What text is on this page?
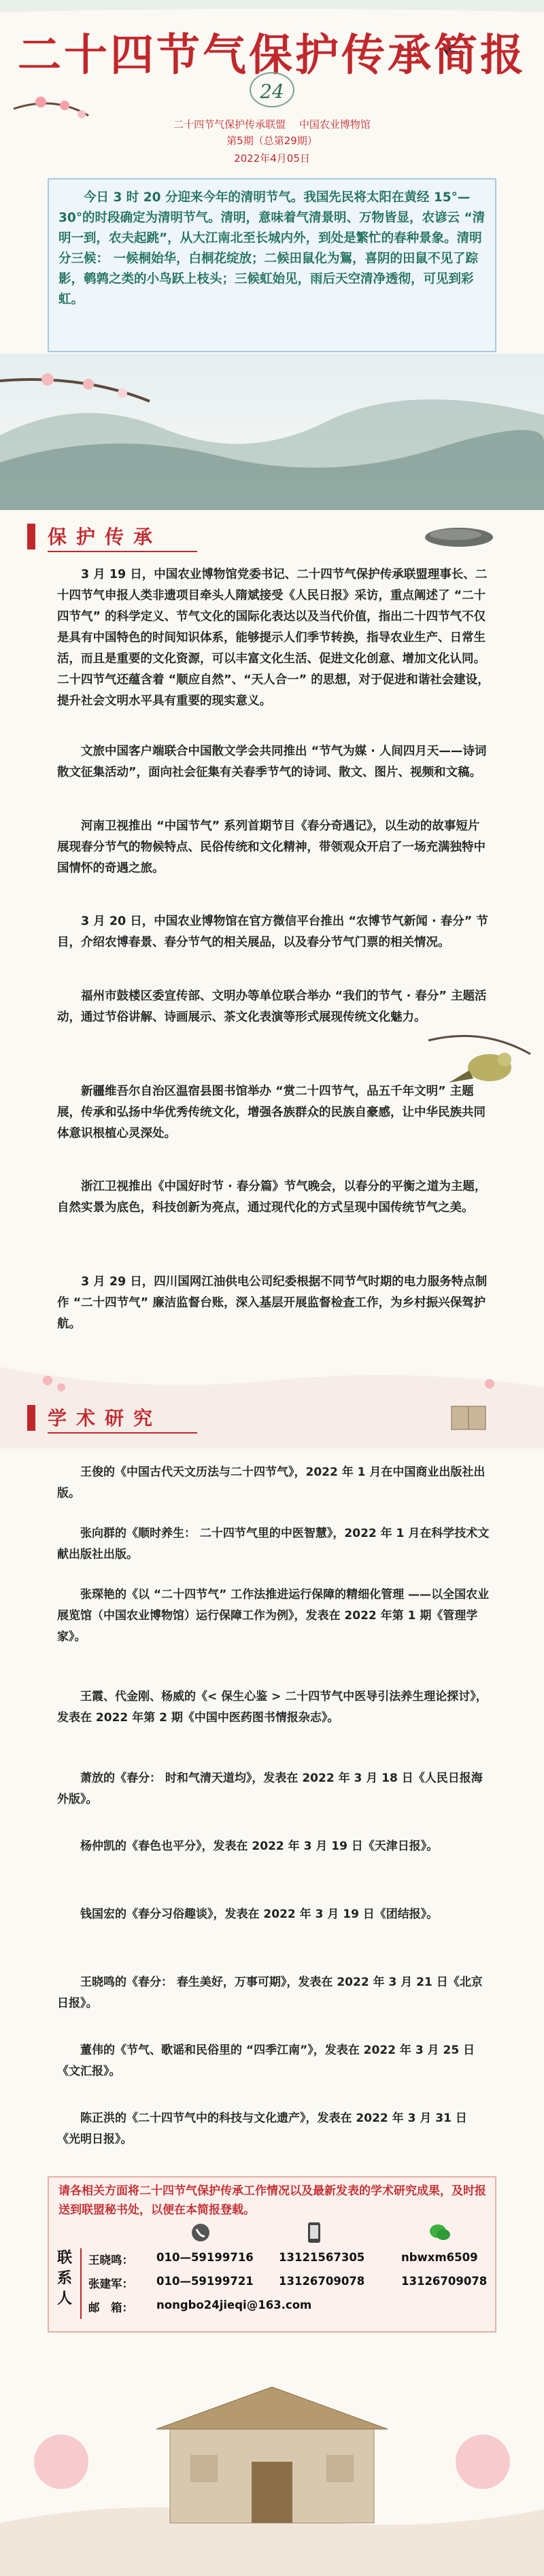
二十四节气保护传承简报
24
二十四节气保护传承联盟　 中国农业博物馆
第5期（总第29期）
2022年4月05日
今日 3 时 20 分迎来今年的清明节气。我国先民将太阳在黄经 15°—30°的时段确定为清明节气。清明，意味着气清景明、万物皆显，农谚云 “清明一到，农夫起跳”，从大江南北至长城内外，到处是繁忙的春种景象。清明分三候： 一候桐始华，白桐花绽放；二候田鼠化为鴽，喜阴的田鼠不见了踪影，鹌鹑之类的小鸟跃上枝头；三候虹始见，雨后天空清净透彻，可见到彩虹。
保护传承
3 月 19 日，中国农业博物馆党委书记、二十四节气保护传承联盟理事长、二十四节气申报人类非遗项目牵头人隋斌接受《人民日报》采访，重点阐述了 “二十四节气” 的科学定义、节气文化的国际化表达以及当代价值，指出二十四节气不仅是具有中国特色的时间知识体系，能够提示人们季节转换，指导农业生产、日常生活，而且是重要的文化资源，可以丰富文化生活、促进文化创意、增加文化认同。二十四节气还蕴含着 “顺应自然”、“天人合一” 的思想，对于促进和谐社会建设，提升社会文明水平具有重要的现实意义。
文旅中国客户端联合中国散文学会共同推出 “节气为媒 · 人间四月天——诗词散文征集活动”，面向社会征集有关春季节气的诗词、散文、图片、视频和文稿。
河南卫视推出 “中国节气” 系列首期节目《春分奇遇记》，以生动的故事短片展现春分节气的物候特点、民俗传统和文化精神，带领观众开启了一场充满独特中国情怀的奇遇之旅。
3 月 20 日，中国农业博物馆在官方微信平台推出 “农博节气新闻 · 春分” 节目，介绍农博春景、春分节气的相关展品，以及春分节气门票的相关情况。
福州市鼓楼区委宣传部、文明办等单位联合举办 “我们的节气 · 春分” 主题活动，通过节俗讲解、诗画展示、茶文化表演等形式展现传统文化魅力。
新疆维吾尔自治区温宿县图书馆举办 “赏二十四节气，品五千年文明” 主题展，传承和弘扬中华优秀传统文化，增强各族群众的民族自豪感，让中华民族共同体意识根植心灵深处。
浙江卫视推出《中国好时节 · 春分篇》节气晚会，以春分的平衡之道为主题，自然实景为底色，科技创新为亮点，通过现代化的方式呈现中国传统节气之美。
3 月 29 日，四川国网江油供电公司纪委根据不同节气时期的电力服务特点制作 “二十四节气” 廉洁监督台账，深入基层开展监督检查工作，为乡村振兴保驾护航。
学术研究
王俊的《中国古代天文历法与二十四节气》，2022 年 1 月在中国商业出版社出版。
张向群的《顺时养生： 二十四节气里的中医智慧》，2022 年 1 月在科学技术文献出版社出版。
张琛艳的《以 “二十四节气” 工作法推进运行保障的精细化管理 ——以全国农业展览馆（中国农业博物馆）运行保障工作为例》，发表在 2022 年第 1 期《管理学家》。
王霞、代金刚、杨威的《< 保生心鉴 > 二十四节气中医导引法养生理论探讨》，发表在 2022 年第 2 期《中国中医药图书情报杂志》。
萧放的《春分： 时和气清天道均》，发表在 2022 年 3 月 18 日《人民日报海外版》。
杨仲凯的《春色也平分》，发表在 2022 年 3 月 19 日《天津日报》。
钱国宏的《春分习俗趣谈》，发表在 2022 年 3 月 19 日《团结报》。
王晓鸣的《春分： 春生美好，万事可期》，发表在 2022 年 3 月 21 日《北京日报》。
董伟的《节气、歌谣和民俗里的 “四季江南”》，发表在 2022 年 3 月 25 日《文汇报》。
陈正洪的《二十四节气中的科技与文化遗产》，发表在 2022 年 3 月 31 日《光明日报》。
请各相关方面将二十四节气保护传承工作情况以及最新发表的学术研究成果，及时报送到联盟秘书处，以便在本简报登载。
联系人
王晓鸣： 010—59199716 13121567305	nbwxm6509
张建军： 010—59199721 13126709078	13126709078
邮　箱： nongbo24jieqi@163.com
